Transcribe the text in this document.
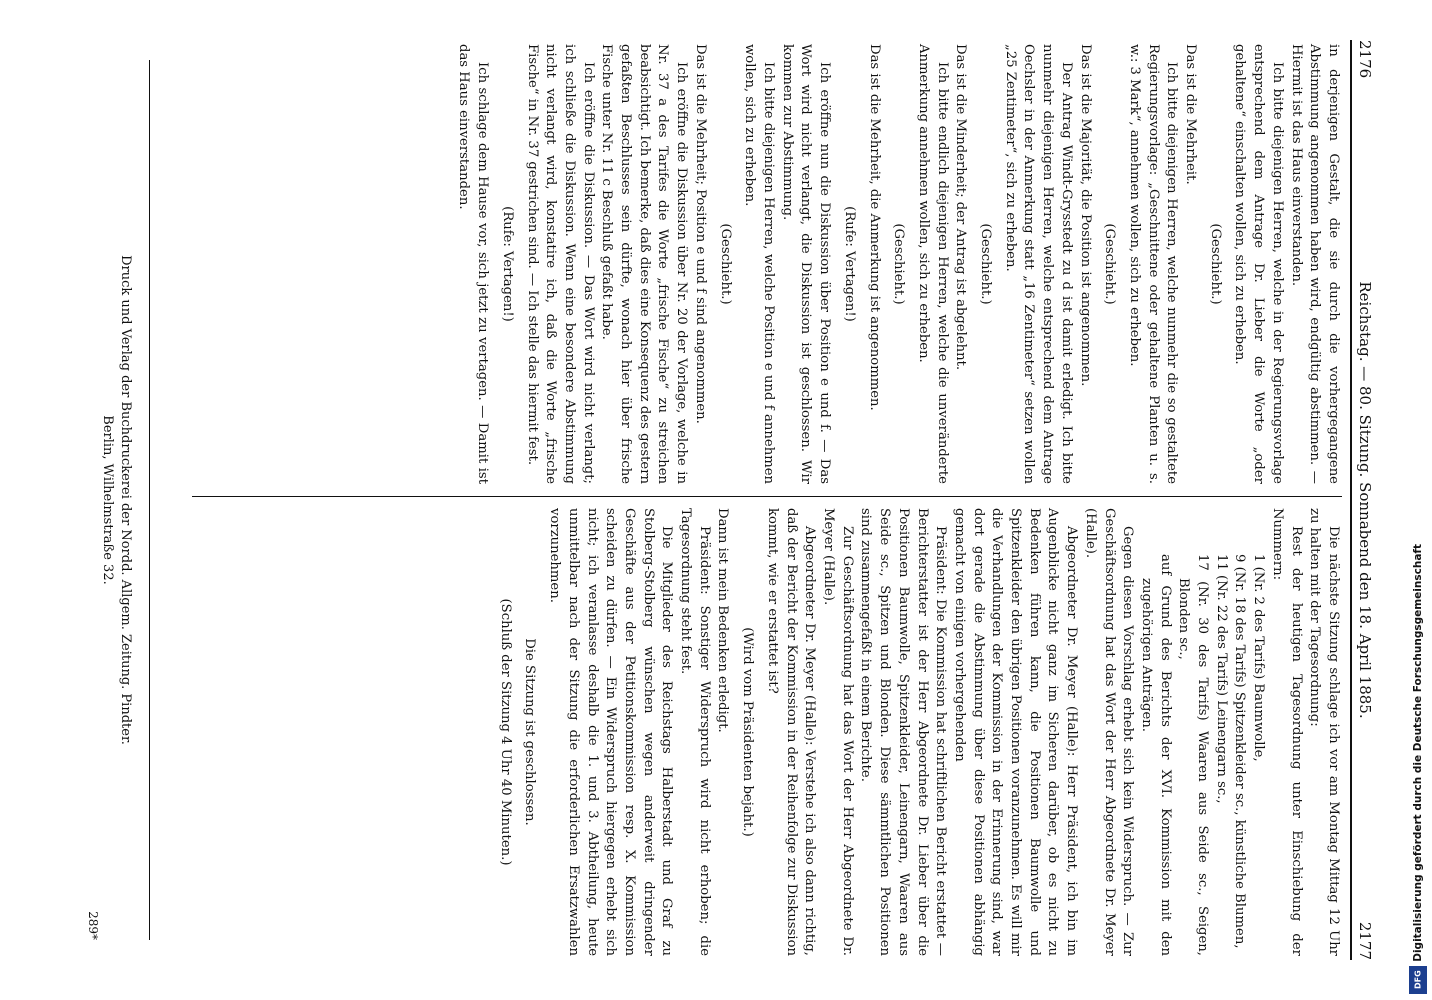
2176
Reichstag. — 80. Sitzung. Sonnabend den 18. April 1885.
2177

in derjenigen Gestalt, die sie durch die vorhergegangene Abstimmung angenommen haben wird, endgültig abstimmen. — Hiermit ist das Haus einverstanden.

Ich bitte diejenigen Herren, welche in der Regierungsvorlage entsprechend dem Antrage Dr. Lieber die Worte „oder gehaltene“ einschalten wollen, sich zu erheben.

(Geschieht.)

Das ist die Mehrheit.

Ich bitte diejenigen Herren, welche nunmehr die so gestaltete Regierungsvorlage: „Geschnittene oder gehaltene Planten u. s. w.: 3 Mark“, annehmen wollen, sich zu erheben.

(Geschieht.)

Das ist die Majorität, die Position ist angenommen.

Der Antrag Windt-Grysstedt zu d ist damit erledigt. Ich bitte nunmehr diejenigen Herren, welche entsprechend dem Antrage Oechsler in der Anmerkung statt „16 Zentimeter“ setzen wollen „25 Zentimeter“, sich zu erheben.

(Geschieht.)

Das ist die Minderheit; der Antrag ist abgelehnt.

Ich bitte endlich diejenigen Herren, welche die unveränderte Anmerkung annehmen wollen, sich zu erheben.

(Geschieht.)

Das ist die Mehrheit, die Anmerkung ist angenommen.

(Rufe: Vertagen!)

Ich eröffne nun die Diskussion über Position e und f. — Das Wort wird nicht verlangt, die Diskussion ist geschlossen. Wir kommen zur Abstimmung.

Ich bitte diejenigen Herren, welche Position e und f annehmen wollen, sich zu erheben.

(Geschieht.)

Das ist die Mehrheit; Position e und f sind angenommen.

Ich eröffne die Diskussion über Nr. 20 der Vorlage, welche in Nr. 37 a des Tarifes die Worte „frische Fische“ zu streichen beabsichtigt. Ich bemerke, daß dies eine Konsequenz des gestern gefaßten Beschlusses sein dürfte, wonach hier über frische Fische unter Nr. 11 c Beschluß gefaßt habe.

Ich eröffne die Diskussion. — Das Wort wird nicht verlangt; ich schließe die Diskussion. Wenn eine besondere Abstimmung nicht verlangt wird, konstatire ich, daß die Worte „frische Fische“ in Nr. 37 gestrichen sind. — Ich stelle das hiermit fest.

(Rufe: Vertagen!)

Ich schlage dem Hause vor, sich jetzt zu vertagen. — Damit ist das Haus einverstanden.

Die nächste Sitzung schlage ich vor am Montag Mittag 12 Uhr zu halten mit der Tagesordnung:

Rest der heutigen Tagesordnung unter Einschiebung der Nummern:

1 (Nr. 2 des Tarifs) Baumwolle,

9 (Nr. 18 des Tarifs) Spitzenkleider sc., künstliche Blumen,

11 (Nr. 22 des Tarifs) Leinengarn sc.,

17 (Nr. 30 des Tarifs) Waaren aus Seide sc., Seigen, Blonden sc.,

auf Grund des Berichts der XVI. Kommission mit den zugehörigen Anträgen.

Gegen diesen Vorschlag erhebt sich kein Widerspruch. — Zur Geschäftsordnung hat das Wort der Herr Abgeordnete Dr. Meyer (Halle).

Abgeordneter Dr. Meyer (Halle): Herr Präsident, ich bin im Augenblicke nicht ganz im Sicheren darüber, ob es nicht zu Bedenken führen kann, die Positionen Baumwolle und Spitzenkleider den übrigen Positionen voranzunehmen. Es will mir die Verhandlungen der Kommission in der Erinnerung sind, war dort gerade die Abstimmung über diese Positionen abhängig gemacht von einigen vorhergehenden

Präsident: Die Kommission hat schriftlichen Bericht erstattet — Berichterstatter ist der Herr Abgeordnete Dr. Lieber über die Positionen Baumwolle, Spitzenkleider, Leinengarn, Waaren aus Seide sc., Spitzen und Blonden. Diese sämmtlichen Positionen sind zusammengefaßt in einem Berichte.

Zur Geschäftsordnung hat das Wort der Herr Abgeordnete Dr. Meyer (Halle).

Abgeordneter Dr. Meyer (Halle): Verstehe ich also dann richtig, daß der Bericht der Kommission in der Reihenfolge zur Diskussion kommt, wie er erstattet ist?

(Wird vom Präsidenten bejaht.)

Dann ist mein Bedenken erledigt.

Präsident: Sonstiger Widerspruch wird nicht erhoben; die Tagesordnung steht fest.

Die Mitglieder des Reichstags Halberstadt und Graf zu Stolberg-Stolberg wünschen wegen anderweit dringender Geschäfte aus der Petitionskommission resp. X. Kommission scheiden zu dürfen. — Ein Widerspruch hiergegen erhebt sich nicht; ich veranlasse deshalb die 1. und 3. Abtheilung, heute unmittelbar nach der Sitzung die erforderlichen Ersatzwahlen vorzunehmen.

Die Sitzung ist geschlossen.

(Schluß der Sitzung 4 Uhr 40 Minuten.)

Druck und Verlag der Buchdruckerei der Nordd. Allgem. Zeitung. Pindter.
Berlin, Wilhelmstraße 32.
289*	Digitalisierung gefördert durch die Deutsche Forschungsgemeinschaft
DFG
